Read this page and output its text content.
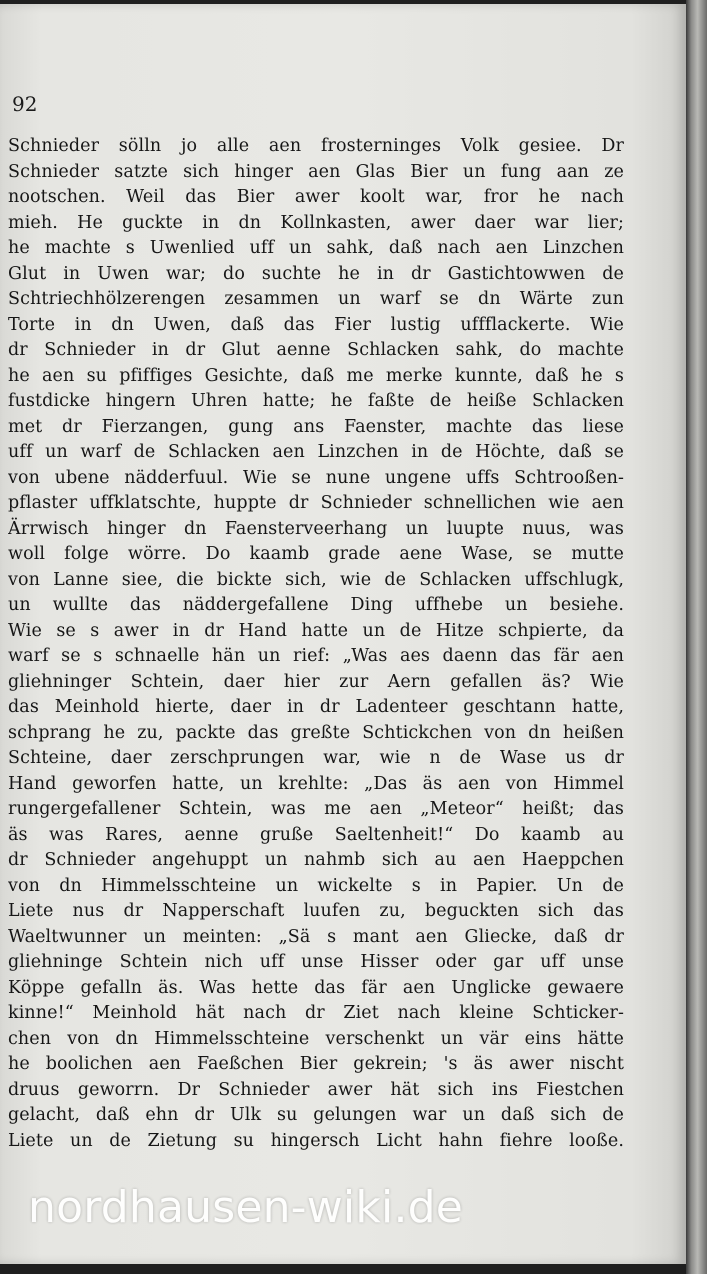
92
Schnieder sölln jo alle aen frosterninges Volk gesiee. Dr
Schnieder satzte sich hinger aen Glas Bier un fung aan ze
nootschen. Weil das Bier awer koolt war, fror he nach
mieh. He guckte in dn Kollnkasten, awer daer war lier;
he machte s Uwenlied uff un sahk, daß nach aen Linzchen
Glut in Uwen war; do suchte he in dr Gastichtowwen de
Schtriechhölzerengen zesammen un warf se dn Wärte zun
Torte in dn Uwen, daß das Fier lustig uffflackerte. Wie
dr Schnieder in dr Glut aenne Schlacken sahk, do machte
he aen su pfiffiges Gesichte, daß me merke kunnte, daß he s
fustdicke hingern Uhren hatte; he faßte de heiße Schlacken
met dr Fierzangen, gung ans Faenster, machte das liese
uff un warf de Schlacken aen Linzchen in de Höchte, daß se
von ubene nädderfuul. Wie se nune ungene uffs Schtrooßen-
pflaster uffklatschte, huppte dr Schnieder schnellichen wie aen
Ärrwisch hinger dn Faensterveerhang un luupte nuus, was
woll folge wörre. Do kaamb grade aene Wase, se mutte
von Lanne siee, die bickte sich, wie de Schlacken uffschlugk,
un wullte das näddergefallene Ding uffhebe un besiehe.
Wie se s awer in dr Hand hatte un de Hitze schpierte, da
warf se s schnaelle hän un rief: „Was aes daenn das fär aen
gliehninger Schtein, daer hier zur Aern gefallen äs? Wie
das Meinhold hierte, daer in dr Ladenteer geschtann hatte,
schprang he zu, packte das greßte Schtickchen von dn heißen
Schteine, daer zerschprungen war, wie n de Wase us dr
Hand geworfen hatte, un krehlte: „Das äs aen von Himmel
rungergefallener Schtein, was me aen „Meteor“ heißt; das
äs was Rares, aenne gruße Saeltenheit!“ Do kaamb au
dr Schnieder angehuppt un nahmb sich au aen Haeppchen
von dn Himmelsschteine un wickelte s in Papier. Un de
Liete nus dr Napperschaft luufen zu, beguckten sich das
Waeltwunner un meinten: „Sä s mant aen Gliecke, daß dr
gliehninge Schtein nich uff unse Hisser oder gar uff unse
Köppe gefalln äs. Was hette das fär aen Unglicke gewaere
kinne!“ Meinhold hät nach dr Ziet nach kleine Schticker-
chen von dn Himmelsschteine verschenkt un vär eins hätte
he boolichen aen Faeßchen Bier gekrein; 's äs awer nischt
druus geworrn. Dr Schnieder awer hät sich ins Fiestchen
gelacht, daß ehn dr Ulk su gelungen war un daß sich de
Liete un de Zietung su hingersch Licht hahn fiehre looße.
nordhausen-wiki.de
